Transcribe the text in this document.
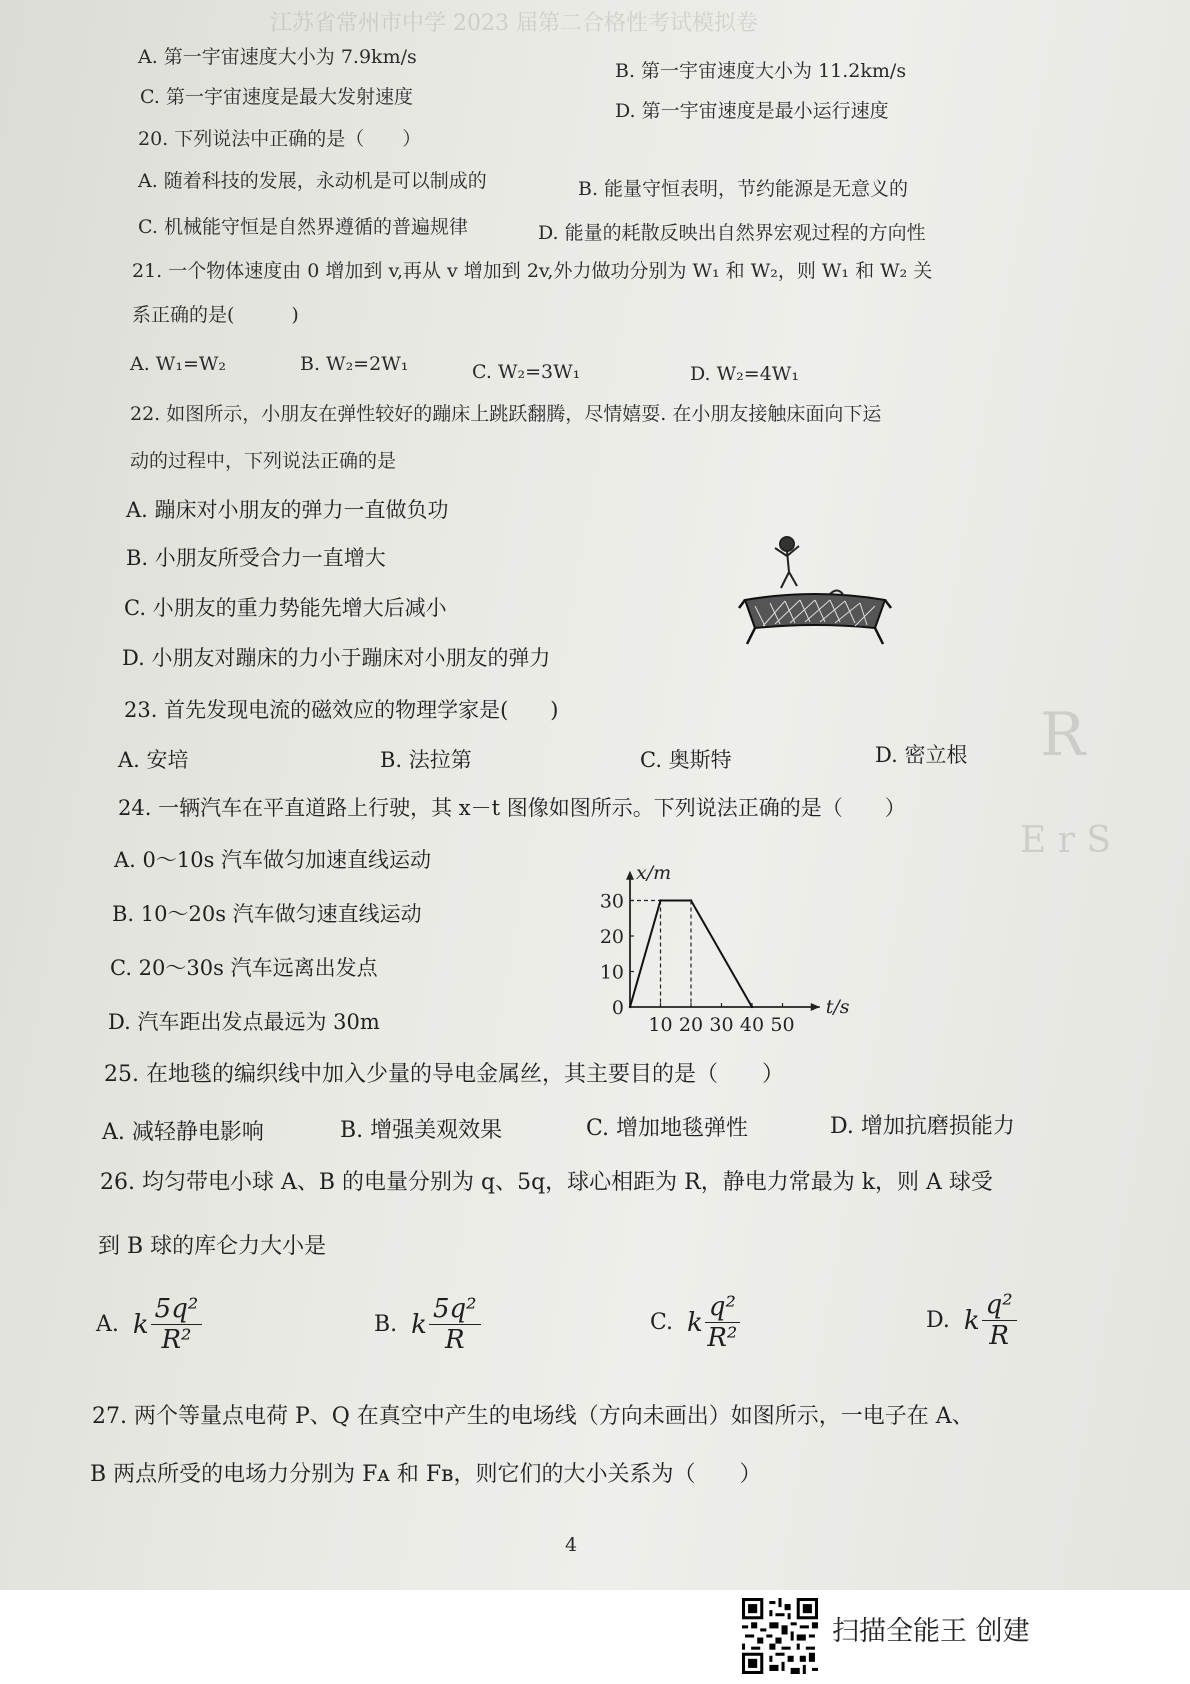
江苏省常州市中学 2023 届第二合格性考试模拟卷
R
E r S
A. 第一宇宙速度大小为 7.9km/s
B. 第一宇宙速度大小为 11.2km/s
C. 第一宇宙速度是最大发射速度
D. 第一宇宙速度是最小运行速度
20. 下列说法中正确的是（　　）
A. 随着科技的发展，永动机是可以制成的	B. 能量守恒表明，节约能源是无意义的
C. 机械能守恒是自然界遵循的普遍规律	D. 能量的耗散反映出自然界宏观过程的方向性
21. 一个物体速度由 0 增加到 v,再从 v 增加到 2v,外力做功分别为 W₁ 和 W₂，则 W₁ 和 W₂ 关
系正确的是(　　　)
A. W₁=W₂	B. W₂=2W₁	C. W₂=3W₁	D. W₂=4W₁
22. 如图所示，小朋友在弹性较好的蹦床上跳跃翻腾，尽情嬉耍. 在小朋友接触床面向下运
动的过程中，下列说法正确的是
A. 蹦床对小朋友的弹力一直做负功
B. 小朋友所受合力一直增大
C. 小朋友的重力势能先增大后减小
D. 小朋友对蹦床的力小于蹦床对小朋友的弹力
23. 首先发现电流的磁效应的物理学家是(　　)
A. 安培	B. 法拉第	C. 奥斯特	D. 密立根
24. 一辆汽车在平直道路上行驶，其 x－t 图像如图所示。下列说法正确的是（　　）
A. 0～10s 汽车做匀加速直线运动
B. 10～20s 汽车做匀速直线运动
C. 20～30s 汽车远离出发点
D. 汽车距出发点最远为 30m
t/s
x/m
10 20 30 40 50
0
10
20
30
25. 在地毯的编织线中加入少量的导电金属丝，其主要目的是（　　）
A. 减轻静电影响	B. 增强美观效果	C. 增加地毯弹性	D. 增加抗磨损能力
26. 均匀带电小球 A、B 的电量分别为 q、5q，球心相距为 R，静电力常最为 k，则 A 球受
到 B 球的库仑力大小是
A. k $\frac{\text{5q²}}{\text{R²}}$	B. k $\frac{\text{5q²}}{R}$	C. k $\frac{\text{q²}}{\text{R²}}$	D. k $\frac{\text{q²}}{R}$
27. 两个等量点电荷 P、Q 在真空中产生的电场线（方向未画出）如图所示，一电子在 A、
B 两点所受的电场力分别为 Fᴀ 和 Fʙ，则它们的大小关系为（　　）
4
扫描全能王 创建
